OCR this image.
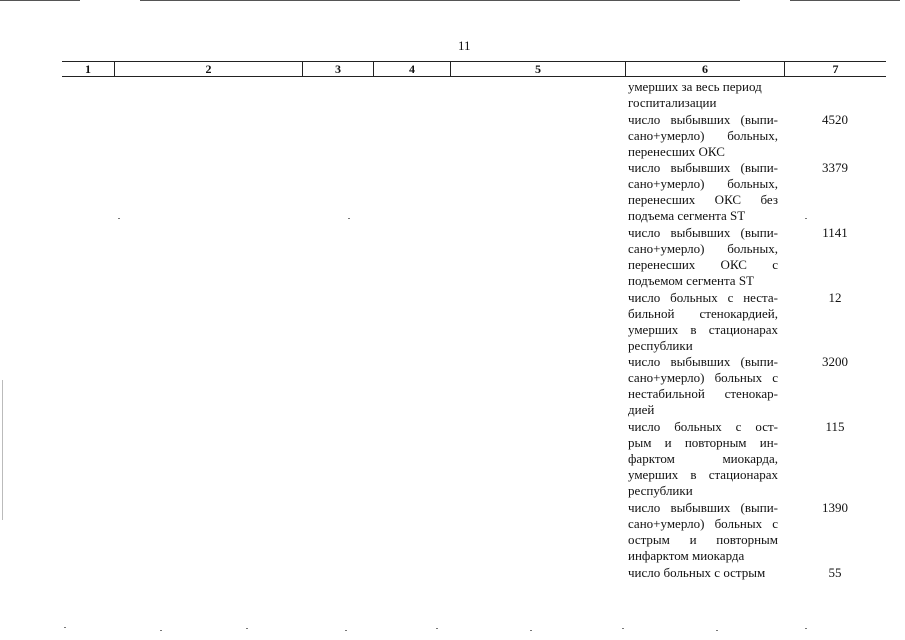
11
1	2	3	4	5	6	7
умерших за весь период
госпитализации
число выбывших (выпи-
сано+умерло) больных,
перенесших ОКС
4520
число выбывших (выпи-
сано+умерло) больных,
перенесших ОКС без
подъема сегмента ST
3379
число выбывших (выпи-
сано+умерло) больных,
перенесших ОКС с
подъемом сегмента ST
1141
число больных с неста-
бильной стенокардией,
умерших в стационарах
республики
12
число выбывших (выпи-
сано+умерло) больных с
нестабильной стенокар-
дией
3200
число больных с ост-
рым и повторным ин-
фарктом миокарда,
умерших в стационарах
республики
115
число выбывших (выпи-
сано+умерло) больных с
острым и повторным
инфарктом миокарда
1390
число больных с острым	55
